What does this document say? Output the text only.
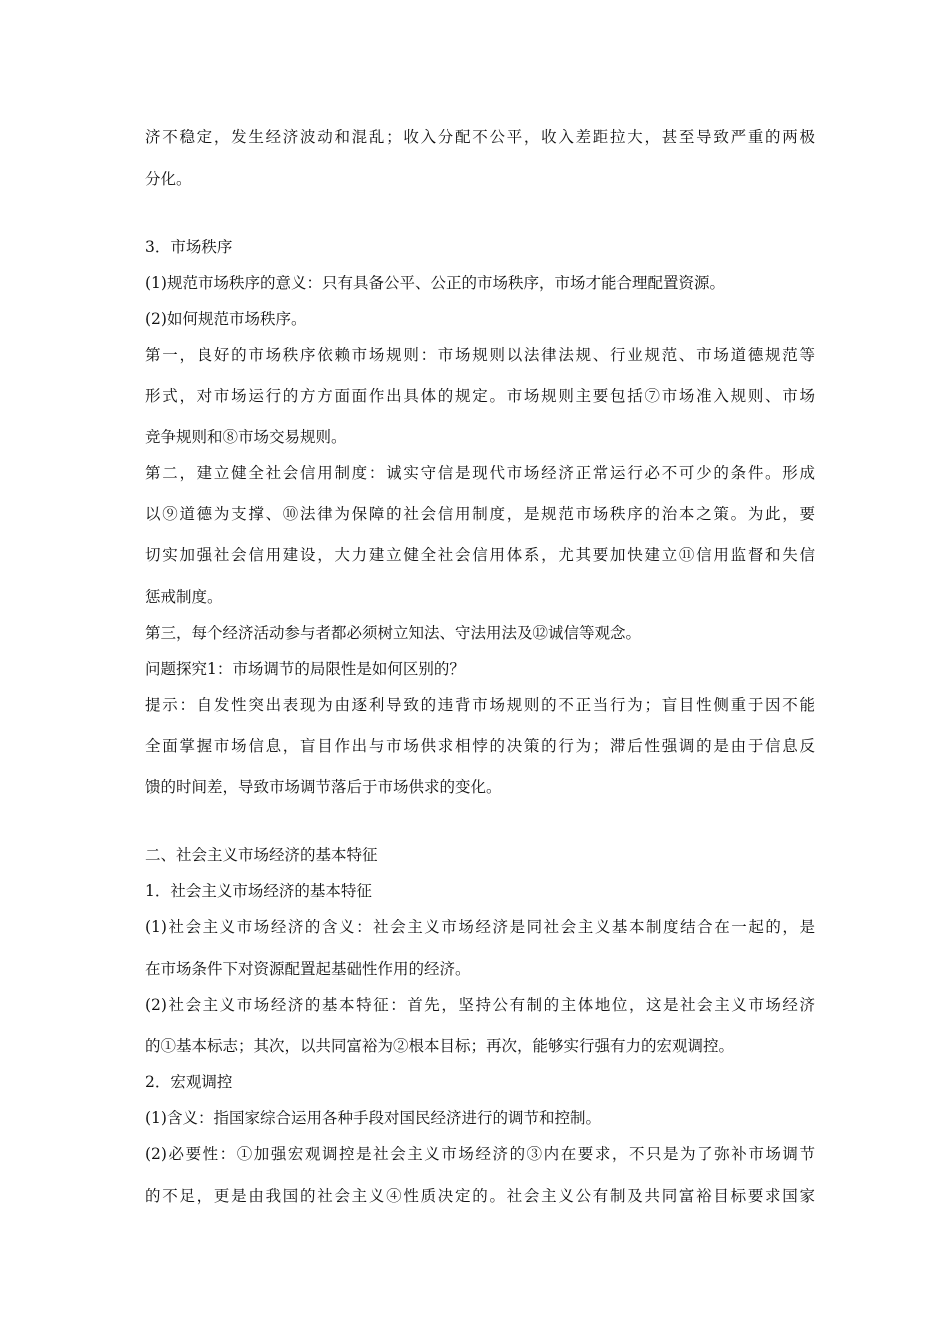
济不稳定，发生经济波动和混乱；收入分配不公平，收入差距拉大，甚至导致严重的两极
分化。
3．市场秩序
(1)规范市场秩序的意义：只有具备公平、公正的市场秩序，市场才能合理配置资源。
(2)如何规范市场秩序。
第一，良好的市场秩序依赖市场规则：市场规则以法律法规、行业规范、市场道德规范等
形式，对市场运行的方方面面作出具体的规定。市场规则主要包括⑦市场准入规则、市场
竞争规则和⑧市场交易规则。
第二，建立健全社会信用制度：诚实守信是现代市场经济正常运行必不可少的条件。形成
以⑨道德为支撑、⑩法律为保障的社会信用制度，是规范市场秩序的治本之策。为此，要
切实加强社会信用建设，大力建立健全社会信用体系，尤其要加快建立⑪信用监督和失信
惩戒制度。
第三，每个经济活动参与者都必须树立知法、守法用法及⑫诚信等观念。
问题探究1：市场调节的局限性是如何区别的？
提示：自发性突出表现为由逐利导致的违背市场规则的不正当行为；盲目性侧重于因不能
全面掌握市场信息，盲目作出与市场供求相悖的决策的行为；滞后性强调的是由于信息反
馈的时间差，导致市场调节落后于市场供求的变化。
二、社会主义市场经济的基本特征
1．社会主义市场经济的基本特征
(1)社会主义市场经济的含义：社会主义市场经济是同社会主义基本制度结合在一起的，是
在市场条件下对资源配置起基础性作用的经济。
(2)社会主义市场经济的基本特征：首先，坚持公有制的主体地位，这是社会主义市场经济
的①基本标志；其次，以共同富裕为②根本目标；再次，能够实行强有力的宏观调控。
2．宏观调控
(1)含义：指国家综合运用各种手段对国民经济进行的调节和控制。
(2)必要性：①加强宏观调控是社会主义市场经济的③内在要求，不只是为了弥补市场调节
的不足，更是由我国的社会主义④性质决定的。社会主义公有制及共同富裕目标要求国家
